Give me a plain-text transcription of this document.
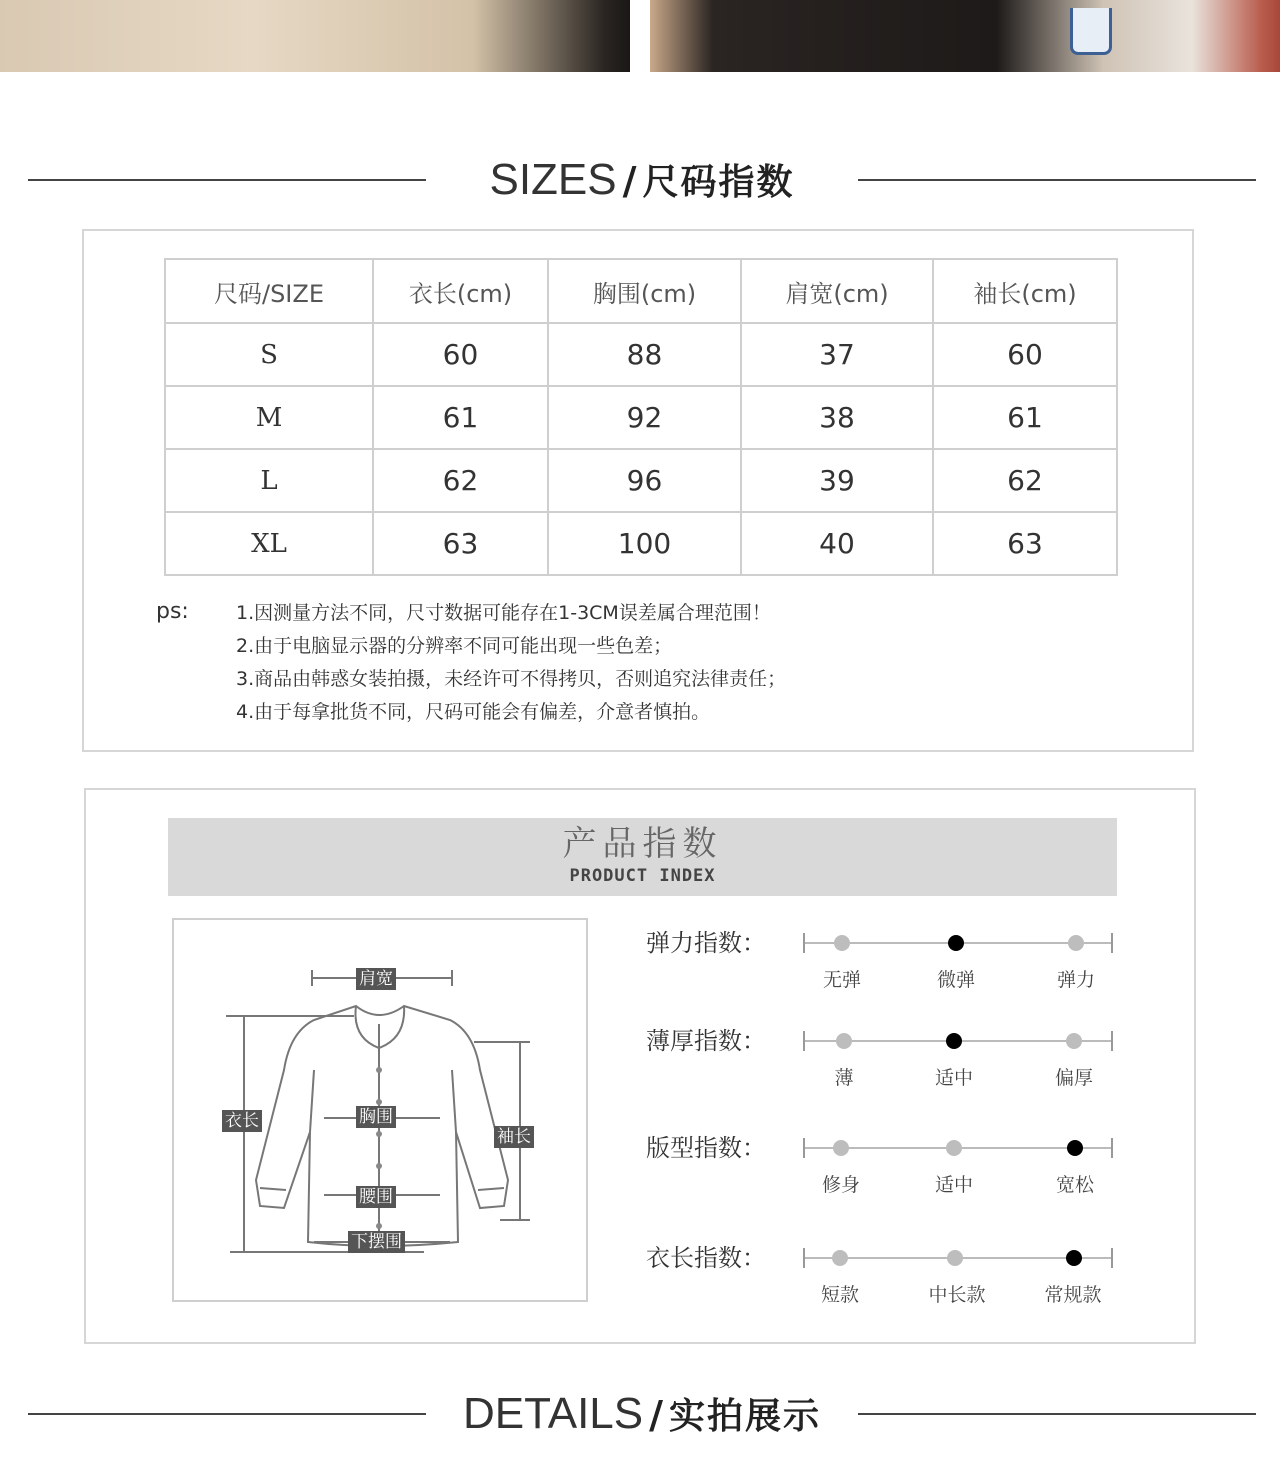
SIZES / 尺码指数
尺码/SIZE	衣长(cm)	胸围(cm)	肩宽(cm)	袖长(cm)
S	60	88	37	60
M	61	92	38	61
L	62	96	39	62
XL	63	100	40	63
ps: 1.因测量方法不同，尺寸数据可能存在1-3CM误差属合理范围！
2.由于电脑显示器的分辨率不同可能出现一些色差；
3.商品由韩惑女装拍摄，未经许可不得拷贝，否则追究法律责任；
4.由于每拿批货不同，尺码可能会有偏差，介意者慎拍。
产品指数
PRODUCT INDEX
肩宽
衣长	胸围
袖长
腰围
下摆围
弹力指数：
无弹	微弹	弹力
薄厚指数：
薄	适中	偏厚
版型指数：
修身	适中	宽松
衣长指数：
短款	中长款	常规款
DETAILS / 实拍展示
